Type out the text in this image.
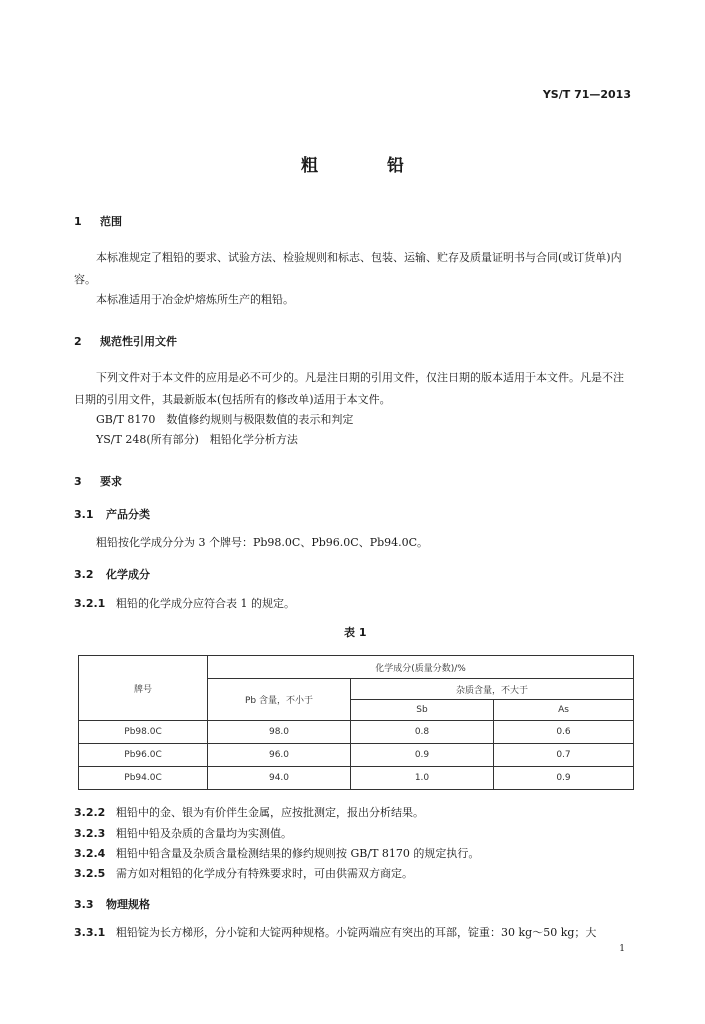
YS/T 71—2013
粗	铅
1 范围
本标准规定了粗铅的要求、试验方法、检验规则和标志、包装、运输、贮存及质量证明书与合同(或订货单)内容。
本标准适用于冶金炉熔炼所生产的粗铅。
2 规范性引用文件
下列文件对于本文件的应用是必不可少的。凡是注日期的引用文件，仅注日期的版本适用于本文件。凡是不注日期的引用文件，其最新版本(包括所有的修改单)适用于本文件。
GB/T 8170　数值修约规则与极限数值的表示和判定
YS/T 248(所有部分)　粗铅化学分析方法
3 要求
3.1 产品分类
粗铅按化学成分分为 3 个牌号：Pb98.0C、Pb96.0C、Pb94.0C。
3.2 化学成分
3.2.1 粗铅的化学成分应符合表 1 的规定。
表 1
牌号	化学成分(质量分数)/%		
	Pb 含量，不小于	杂质含量，不大于	
		Sb	As
Pb98.0C	98.0	0.8	0.6
Pb96.0C	96.0	0.9	0.7
Pb94.0C	94.0	1.0	0.9
3.2.2 粗铅中的金、银为有价伴生金属，应按批测定，报出分析结果。
3.2.3 粗铅中铅及杂质的含量均为实测值。
3.2.4 粗铅中铅含量及杂质含量检测结果的修约规则按 GB/T 8170 的规定执行。
3.2.5 需方如对粗铅的化学成分有特殊要求时，可由供需双方商定。
3.3 物理规格
3.3.1 粗铅锭为长方梯形，分小锭和大锭两种规格。小锭两端应有突出的耳部，锭重：30 kg～50 kg；大
1
